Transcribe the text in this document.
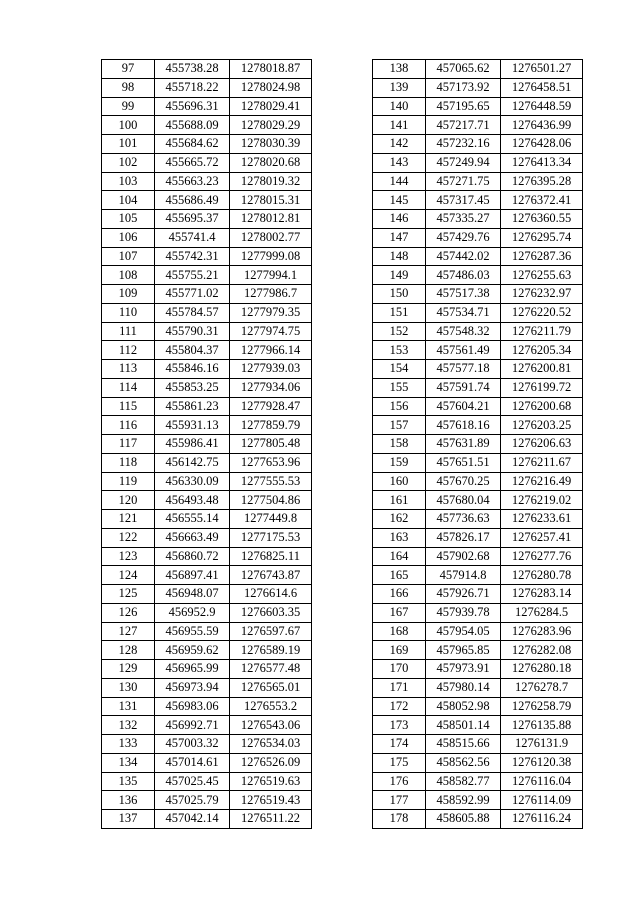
97	455738.28	1278018.87
98	455718.22	1278024.98
99	455696.31	1278029.41
100	455688.09	1278029.29
101	455684.62	1278030.39
102	455665.72	1278020.68
103	455663.23	1278019.32
104	455686.49	1278015.31
105	455695.37	1278012.81
106	455741.4	1278002.77
107	455742.31	1277999.08
108	455755.21	1277994.1
109	455771.02	1277986.7
110	455784.57	1277979.35
111	455790.31	1277974.75
112	455804.37	1277966.14
113	455846.16	1277939.03
114	455853.25	1277934.06
115	455861.23	1277928.47
116	455931.13	1277859.79
117	455986.41	1277805.48
118	456142.75	1277653.96
119	456330.09	1277555.53
120	456493.48	1277504.86
121	456555.14	1277449.8
122	456663.49	1277175.53
123	456860.72	1276825.11
124	456897.41	1276743.87
125	456948.07	1276614.6
126	456952.9	1276603.35
127	456955.59	1276597.67
128	456959.62	1276589.19
129	456965.99	1276577.48
130	456973.94	1276565.01
131	456983.06	1276553.2
132	456992.71	1276543.06
133	457003.32	1276534.03
134	457014.61	1276526.09
135	457025.45	1276519.63
136	457025.79	1276519.43
137	457042.14	1276511.22
138	457065.62	1276501.27
139	457173.92	1276458.51
140	457195.65	1276448.59
141	457217.71	1276436.99
142	457232.16	1276428.06
143	457249.94	1276413.34
144	457271.75	1276395.28
145	457317.45	1276372.41
146	457335.27	1276360.55
147	457429.76	1276295.74
148	457442.02	1276287.36
149	457486.03	1276255.63
150	457517.38	1276232.97
151	457534.71	1276220.52
152	457548.32	1276211.79
153	457561.49	1276205.34
154	457577.18	1276200.81
155	457591.74	1276199.72
156	457604.21	1276200.68
157	457618.16	1276203.25
158	457631.89	1276206.63
159	457651.51	1276211.67
160	457670.25	1276216.49
161	457680.04	1276219.02
162	457736.63	1276233.61
163	457826.17	1276257.41
164	457902.68	1276277.76
165	457914.8	1276280.78
166	457926.71	1276283.14
167	457939.78	1276284.5
168	457954.05	1276283.96
169	457965.85	1276282.08
170	457973.91	1276280.18
171	457980.14	1276278.7
172	458052.98	1276258.79
173	458501.14	1276135.88
174	458515.66	1276131.9
175	458562.56	1276120.38
176	458582.77	1276116.04
177	458592.99	1276114.09
178	458605.88	1276116.24
